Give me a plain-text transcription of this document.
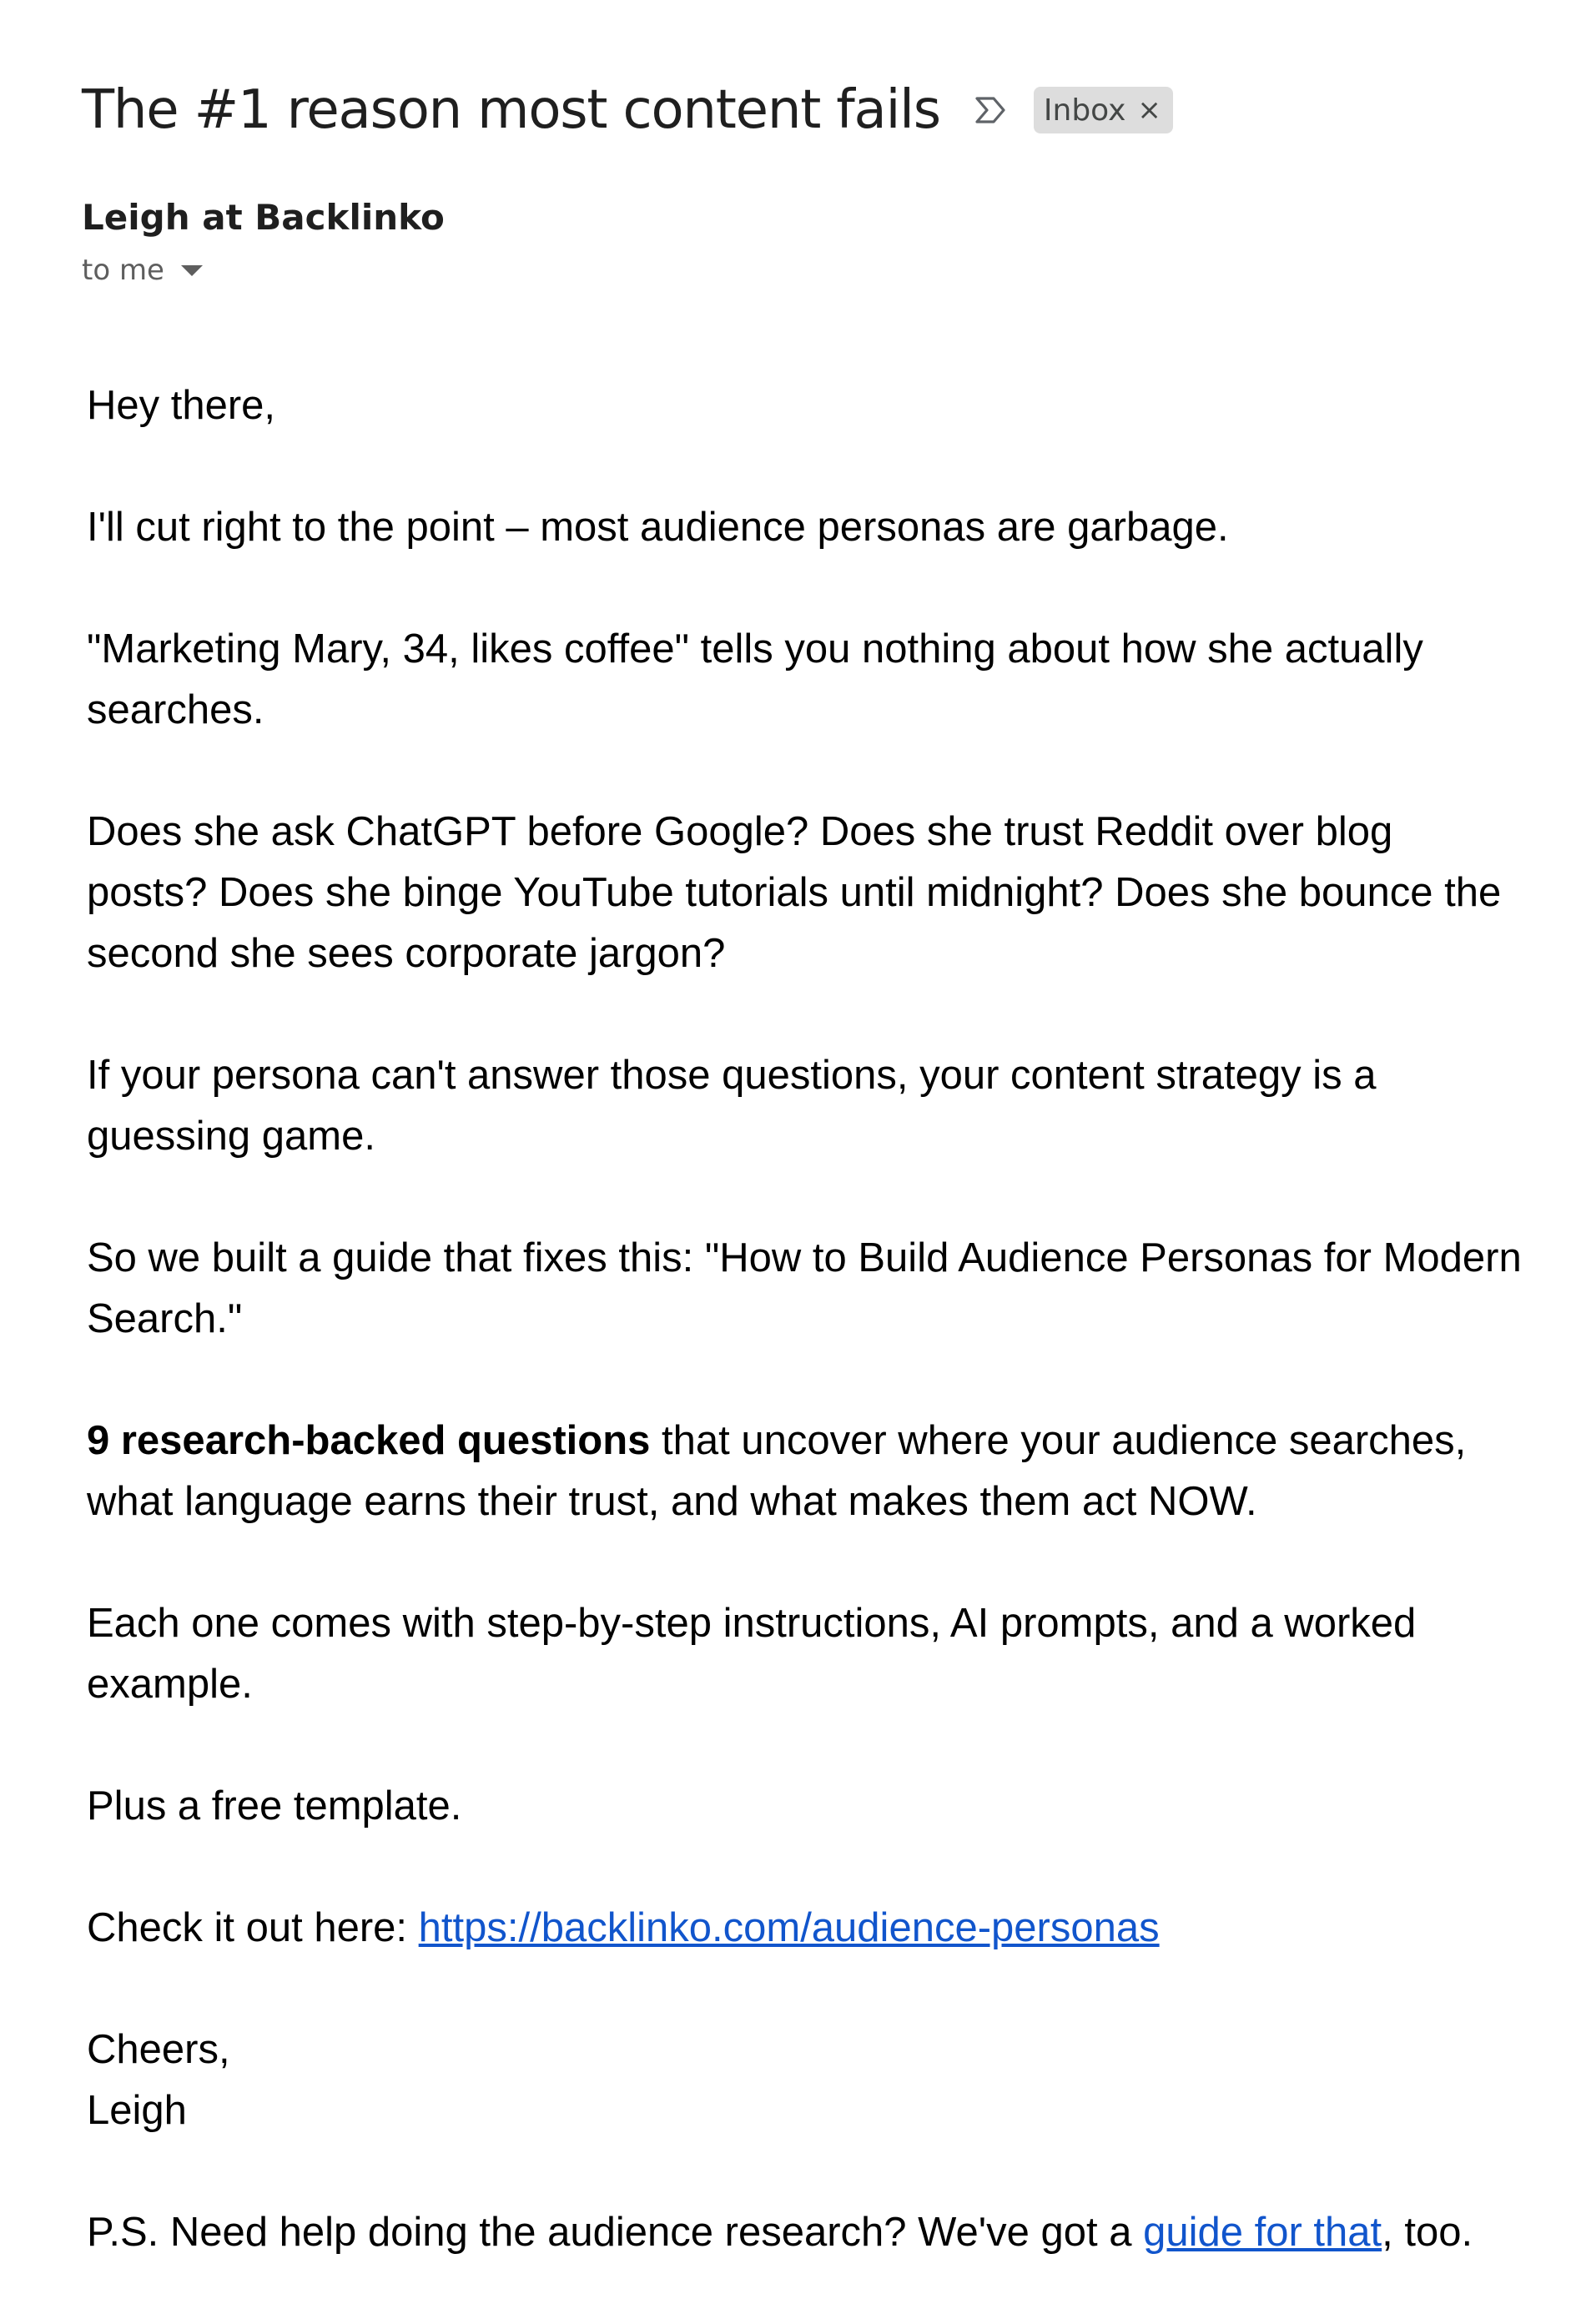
The #1 reason most content fails	Inbox ×
Leigh at Backlinko
to me

Hey there,

I'll cut right to the point – most audience personas are garbage.

"Marketing Mary, 34, likes coffee" tells you nothing about how she actually searches.

Does she ask ChatGPT before Google? Does she trust Reddit over blog posts? Does she binge YouTube tutorials until midnight? Does she bounce the second she sees corporate jargon?

If your persona can't answer those questions, your content strategy is a guessing game.

So we built a guide that fixes this: "How to Build Audience Personas for Modern Search."

9 research-backed questions that uncover where your audience searches, what language earns their trust, and what makes them act NOW.

Each one comes with step-by-step instructions, AI prompts, and a worked example.

Plus a free template.

Check it out here: https://backlinko.com/audience-personas

Cheers,
Leigh

P.S. Need help doing the audience research? We've got a guide for that, too.
